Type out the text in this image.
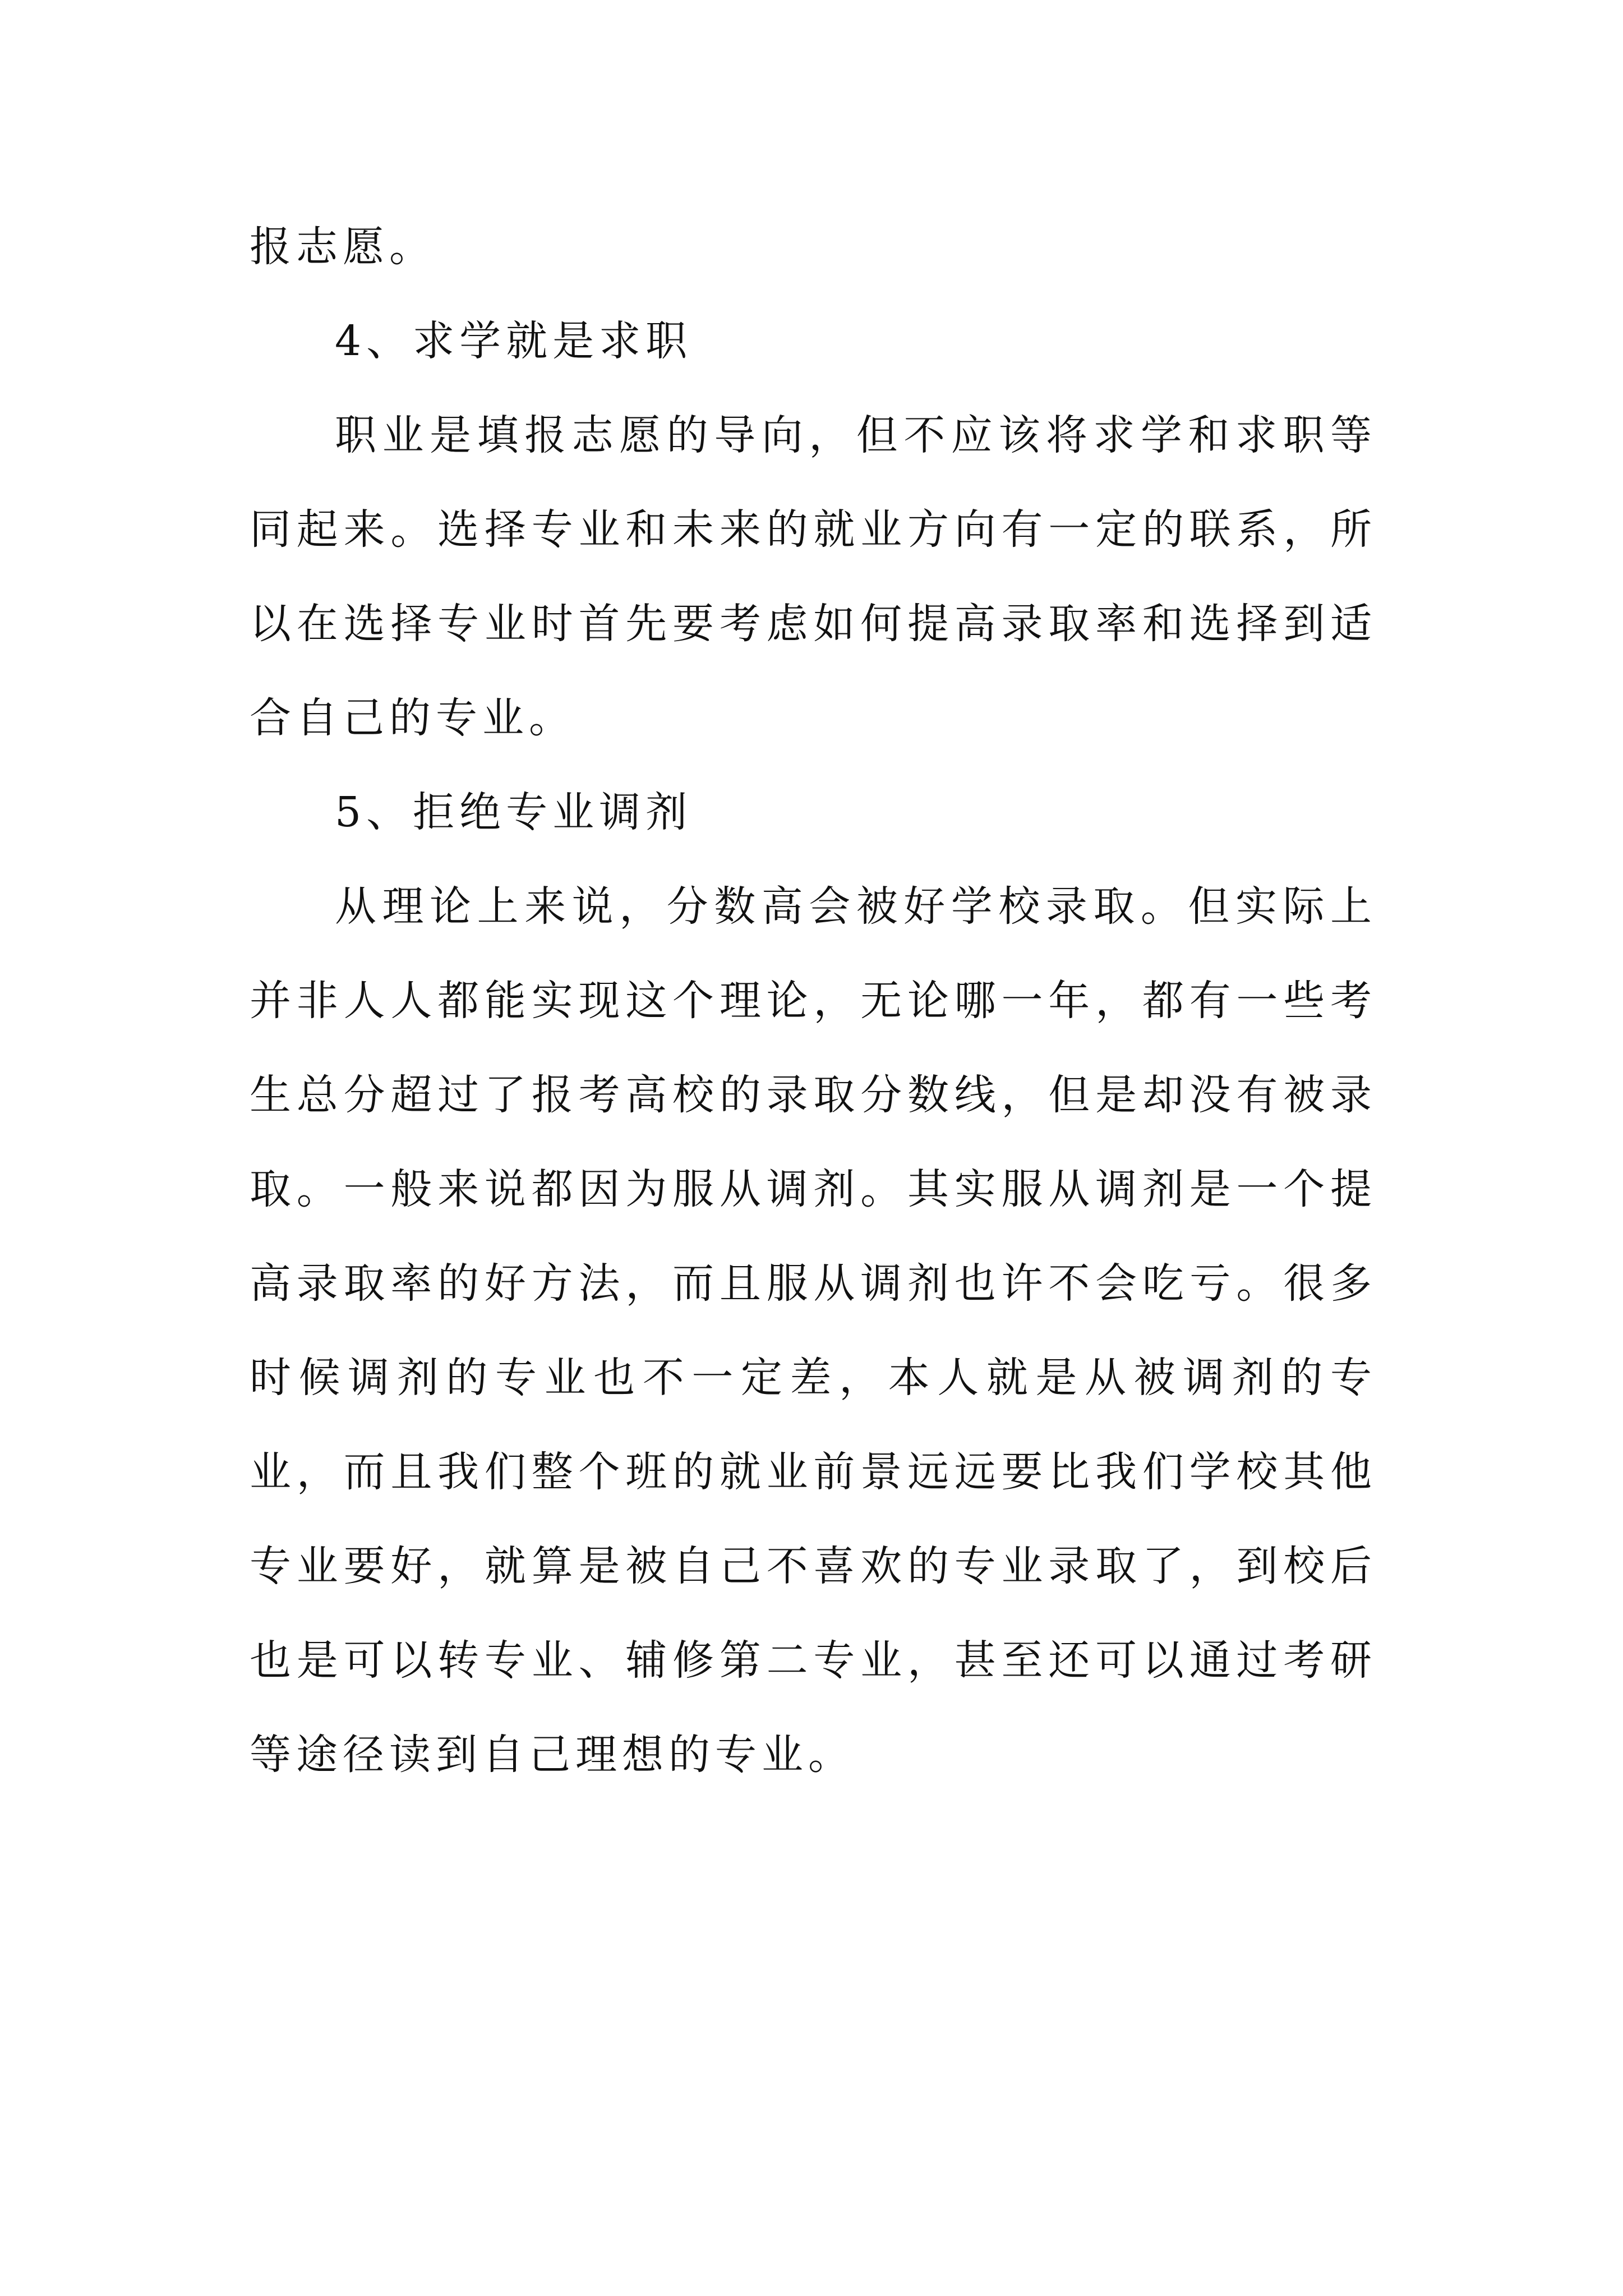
报志愿。

4、求学就是求职

职业是填报志愿的导向，但不应该将求学和求职等同起来。选择专业和未来的就业方向有一定的联系，所以在选择专业时首先要考虑如何提高录取率和选择到适合自己的专业。

5、拒绝专业调剂

从理论上来说，分数高会被好学校录取。但实际上并非人人都能实现这个理论，无论哪一年，都有一些考生总分超过了报考高校的录取分数线，但是却没有被录取。一般来说都因为服从调剂。其实服从调剂是一个提高录取率的好方法，而且服从调剂也许不会吃亏。很多时候调剂的专业也不一定差，本人就是从被调剂的专业，而且我们整个班的就业前景远远要比我们学校其他专业要好，就算是被自己不喜欢的专业录取了，到校后也是可以转专业、辅修第二专业，甚至还可以通过考研等途径读到自己理想的专业。
